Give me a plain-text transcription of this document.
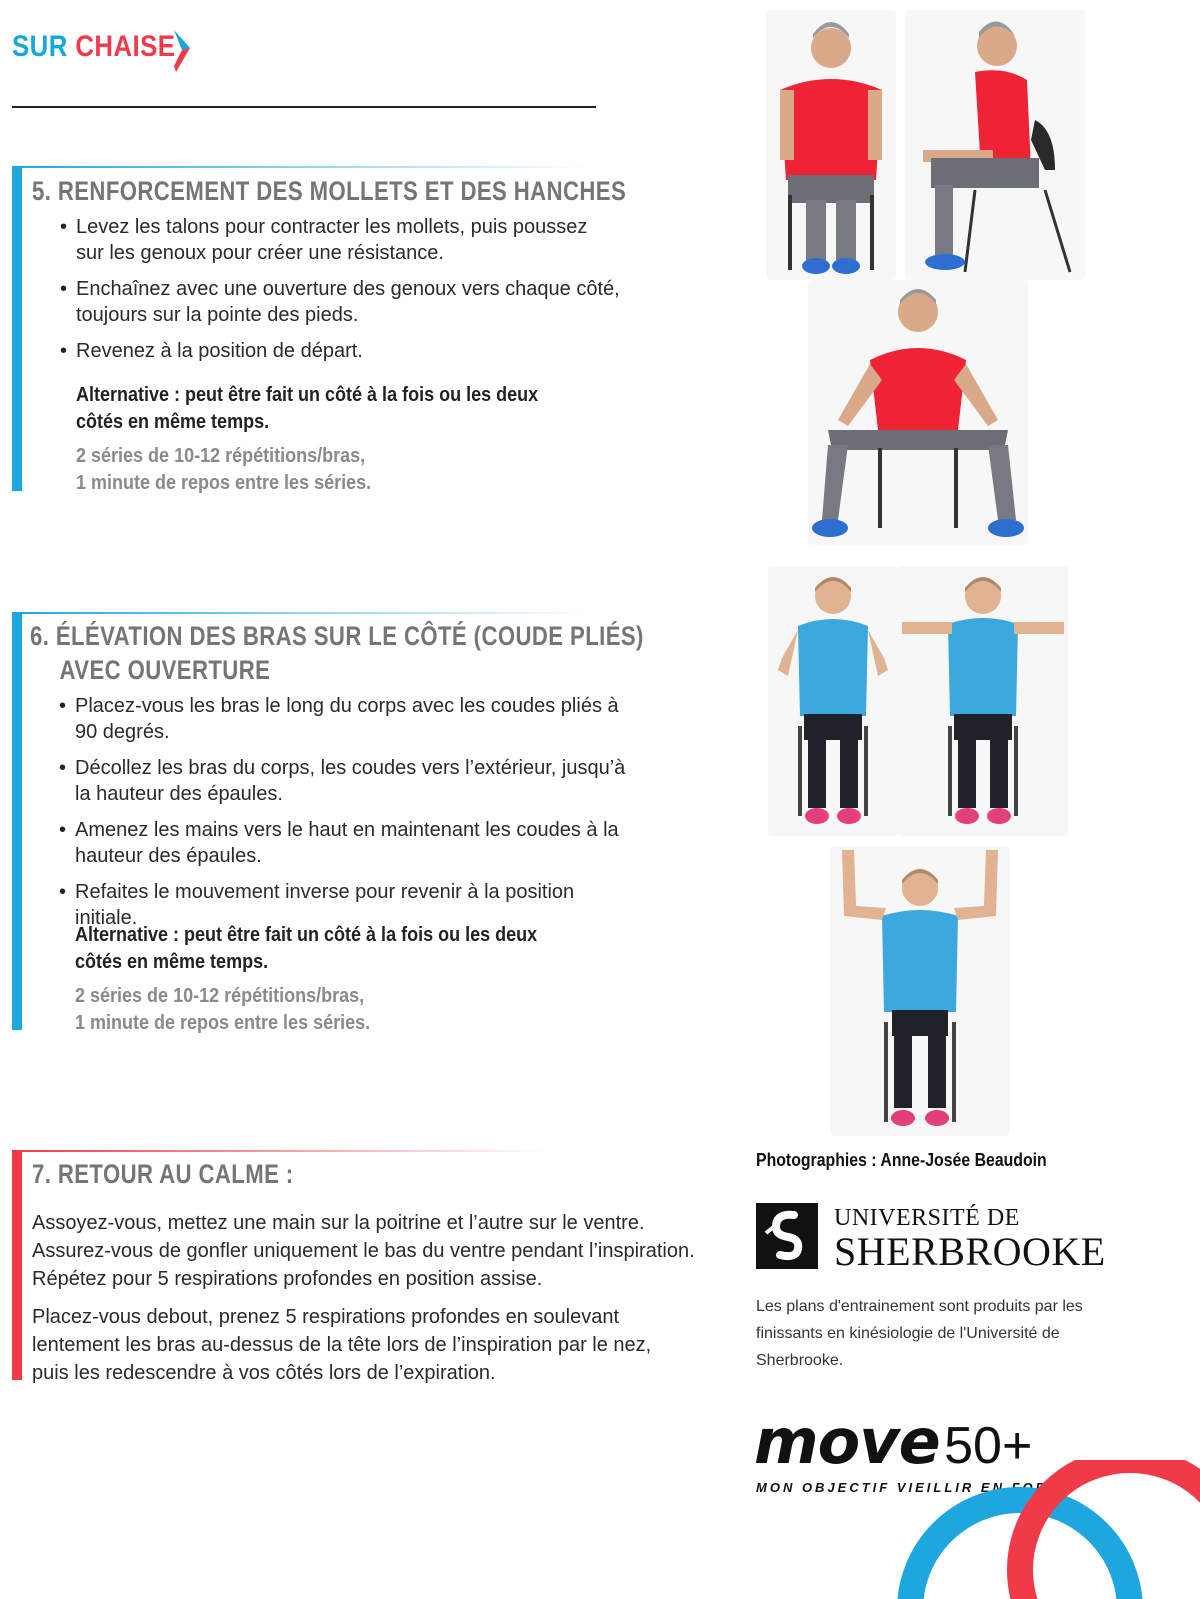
SUR CHAISE
5. RENFORCEMENT DES MOLLETS ET DES HANCHES
• Levez les talons pour contracter les mollets, puis poussez sur les genoux pour créer une résistance.
• Enchaînez avec une ouverture des genoux vers chaque côté, toujours sur la pointe des pieds.
• Revenez à la position de départ.
Alternative : peut être fait un côté à la fois ou les deux
côtés en même temps.
2 séries de 10-12 répétitions/bras,
1 minute de repos entre les séries.
6. ÉLÉVATION DES BRAS SUR LE CÔTÉ (COUDE PLIÉS)
AVEC OUVERTURE
• Placez-vous les bras le long du corps avec les coudes pliés à 90 degrés.
• Décollez les bras du corps, les coudes vers l’extérieur, jusqu’à la hauteur des épaules.
• Amenez les mains vers le haut en maintenant les coudes à la hauteur des épaules.
• Refaites le mouvement inverse pour revenir à la position initiale.
Alternative : peut être fait un côté à la fois ou les deux
côtés en même temps.
2 séries de 10-12 répétitions/bras,
1 minute de repos entre les séries.
7. RETOUR AU CALME :
Assoyez-vous, mettez une main sur la poitrine et l’autre sur le ventre. Assurez-vous de gonfler uniquement le bas du ventre pendant l’inspiration. Répétez pour 5 respirations profondes en position assise.
Placez-vous debout, prenez 5 respirations profondes en soulevant lentement les bras au-dessus de la tête lors de l’inspiration par le nez, puis les redescendre à vos côtés lors de l’expiration.
Photographies : Anne-Josée Beaudoin
UNIVERSITÉ DE
SHERBROOKE
Les plans d'entrainement sont produits par les finissants en kinésiologie de l'Université de Sherbrooke.
move 50+
MON OBJECTIF VIEILLIR EN FORME
